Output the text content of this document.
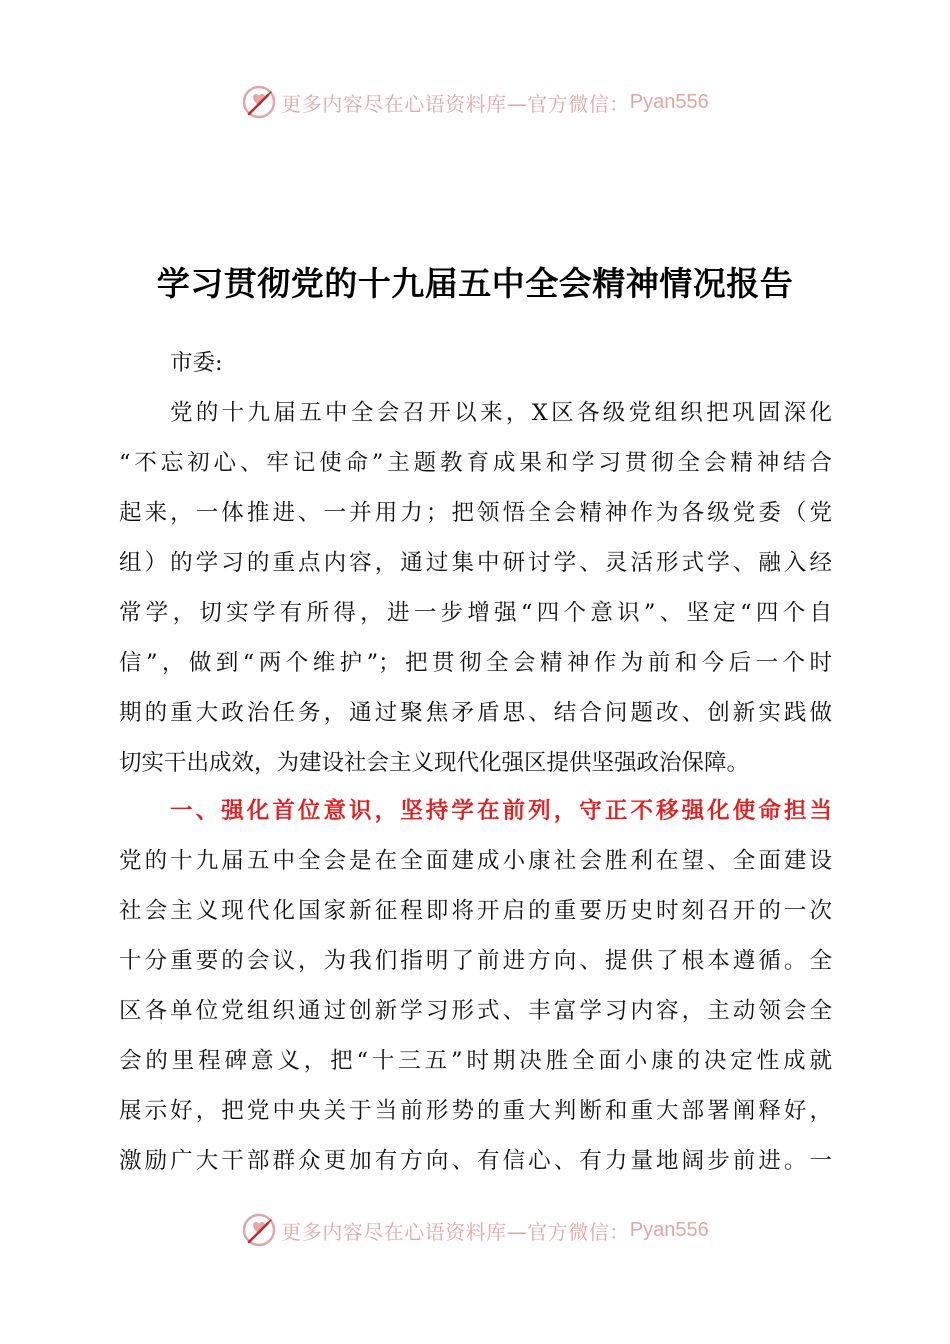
更多内容尽在心语资料库—官方微信： Pyan556
学习贯彻党的十九届五中全会精神情况报告
市委:
党的十九届五中全会召开以来，X区各级党组织把巩固深化
“不忘初心、牢记使命”主题教育成果和学习贯彻全会精神结合
起来，一体推进、一并用力；把领悟全会精神作为各级党委（党
组）的学习的重点内容，通过集中研讨学、灵活形式学、融入经
常学，切实学有所得，进一步增强“四个意识”、坚定“四个自
信”，做到“两个维护”；把贯彻全会精神作为前和今后一个时
期的重大政治任务，通过聚焦矛盾思、结合问题改、创新实践做
切实干出成效，为建设社会主义现代化强区提供坚强政治保障。
一、强化首位意识，坚持学在前列，守正不移强化使命担当
党的十九届五中全会是在全面建成小康社会胜利在望、全面建设
社会主义现代化国家新征程即将开启的重要历史时刻召开的一次
十分重要的会议，为我们指明了前进方向、提供了根本遵循。全
区各单位党组织通过创新学习形式、丰富学习内容，主动领会全
会的里程碑意义，把“十三五”时期决胜全面小康的决定性成就
展示好，把党中央关于当前形势的重大判断和重大部署阐释好，
激励广大干部群众更加有方向、有信心、有力量地阔步前进。一
更多内容尽在心语资料库—官方微信： Pyan556
